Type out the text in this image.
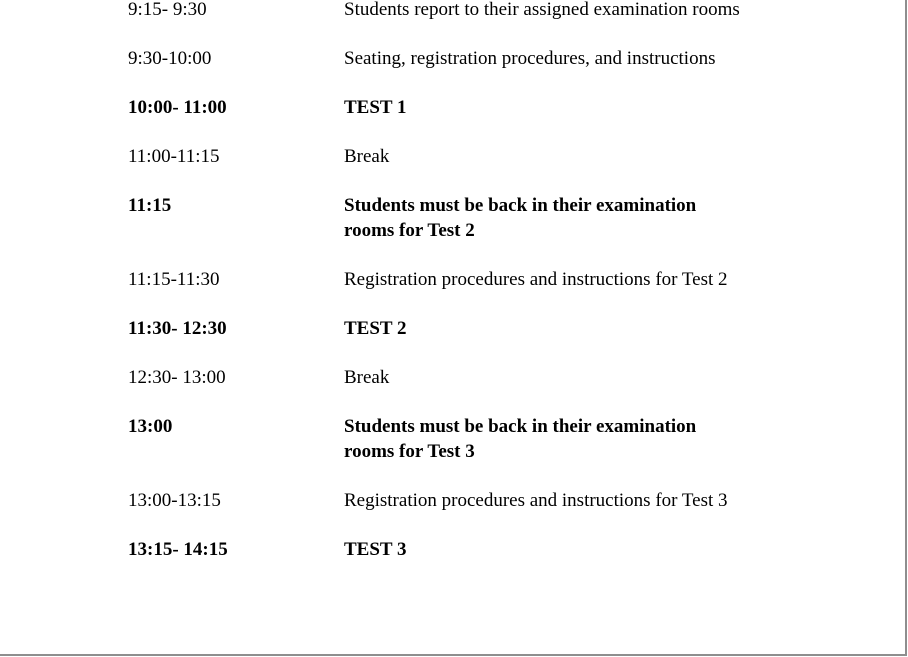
9:15- 9:30	Students report to their assigned examination rooms
9:30-10:00	Seating, registration procedures, and instructions
10:00- 11:00	TEST 1
11:00-11:15	Break
11:15	Students must be back in their examination rooms for Test 2
11:15-11:30	Registration procedures and instructions for Test 2
11:30- 12:30	TEST 2
12:30- 13:00	Break
13:00	Students must be back in their examination rooms for Test 3
13:00-13:15	Registration procedures and instructions for Test 3
13:15- 14:15	TEST 3
